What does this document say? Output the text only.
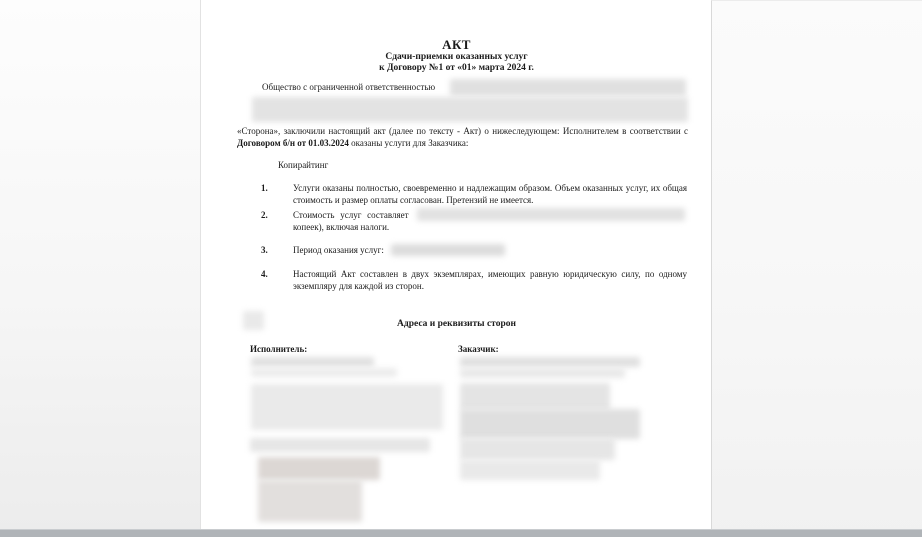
АКТ
Сдачи-приемки оказанных услуг
к Договору №1 от «01» марта 2024 г.
Общество с ограниченной ответственностью
«Сторона», заключили настоящий акт (далее по тексту - Акт) о нижеследующем: Исполнителем в соответствии с Договором б/н от 01.03.2024 оказаны услуги для Заказчика:
Копирайтинг
1.	Услуги оказаны полностью, своевременно и надлежащим образом. Объем оказанных услуг, их общая стоимость и размер оплаты согласован. Претензий не имеется.
2.	Стоимость услуг составляет
копеек), включая налоги.
3.	Период оказания услуг:
4.	Настоящий Акт составлен в двух экземплярах, имеющих равную юридическую силу, по одному экземпляру для каждой из сторон.
Адреса и реквизиты сторон
Исполнитель:	Заказчик:
